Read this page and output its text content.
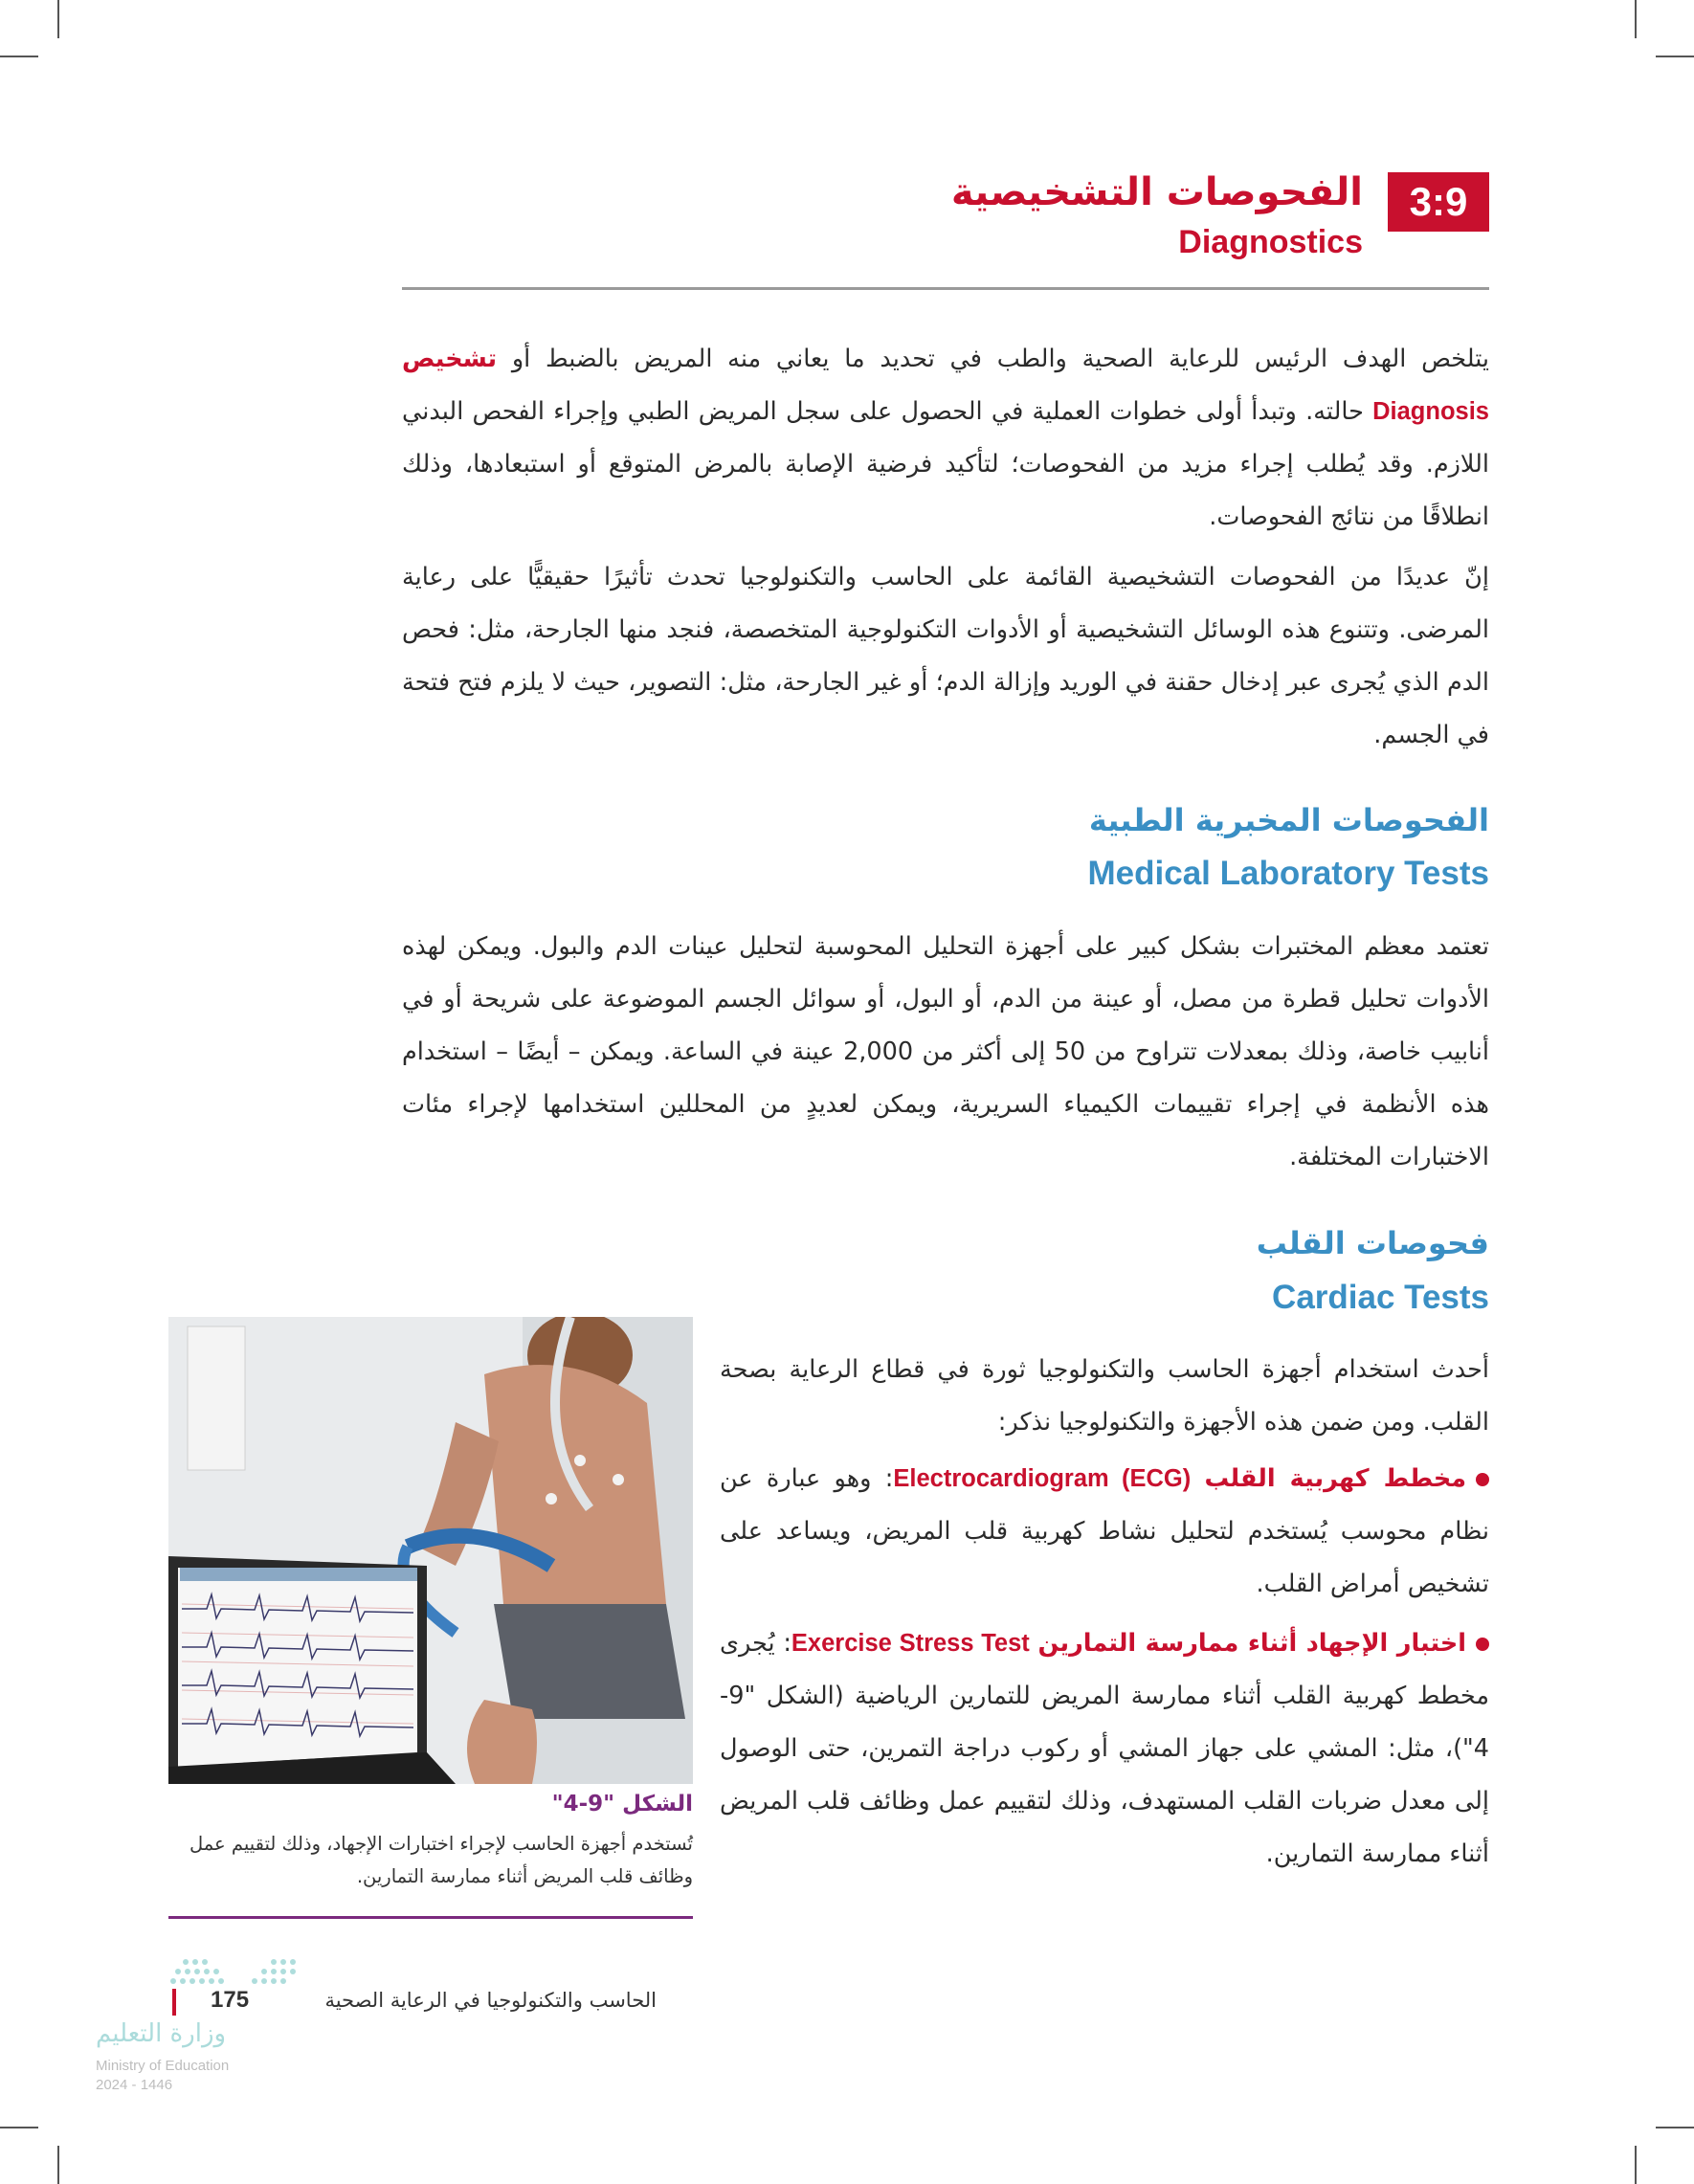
3:9
الفحوصات التشخيصية
Diagnostics
يتلخص الهدف الرئيس للرعاية الصحية والطب في تحديد ما يعاني منه المريض بالضبط أو تشخيص Diagnosis حالته. وتبدأ أولى خطوات العملية في الحصول على سجل المريض الطبي وإجراء الفحص البدني اللازم. وقد يُطلب إجراء مزيد من الفحوصات؛ لتأكيد فرضية الإصابة بالمرض المتوقع أو استبعادها، وذلك انطلاقًا من نتائج الفحوصات.
إنّ عديدًا من الفحوصات التشخيصية القائمة على الحاسب والتكنولوجيا تحدث تأثيرًا حقيقيًّا على رعاية المرضى. وتتنوع هذه الوسائل التشخيصية أو الأدوات التكنولوجية المتخصصة، فنجد منها الجارحة، مثل: فحص الدم الذي يُجرى عبر إدخال حقنة في الوريد وإزالة الدم؛ أو غير الجارحة، مثل: التصوير، حيث لا يلزم فتح فتحة في الجسم.
الفحوصات المخبرية الطبية
Medical Laboratory Tests
تعتمد معظم المختبرات بشكل كبير على أجهزة التحليل المحوسبة لتحليل عينات الدم والبول. ويمكن لهذه الأدوات تحليل قطرة من مصل، أو عينة من الدم، أو البول، أو سوائل الجسم الموضوعة على شريحة أو في أنابيب خاصة، وذلك بمعدلات تتراوح من 50 إلى أكثر من 2,000 عينة في الساعة. ويمكن – أيضًا – استخدام هذه الأنظمة في إجراء تقييمات الكيمياء السريرية، ويمكن لعديدٍ من المحللين استخدامها لإجراء مئات الاختبارات المختلفة.
فحوصات القلب
Cardiac Tests
أحدث استخدام أجهزة الحاسب والتكنولوجيا ثورة في قطاع الرعاية بصحة القلب. ومن ضمن هذه الأجهزة والتكنولوجيا نذكر:
مخطط كهربية القلب Electrocardiogram (ECG): وهو عبارة عن نظام محوسب يُستخدم لتحليل نشاط كهربية قلب المريض، ويساعد على تشخيص أمراض القلب.
اختبار الإجهاد أثناء ممارسة التمارين Exercise Stress Test: يُجرى مخطط كهربية القلب أثناء ممارسة المريض للتمارين الرياضية (الشكل "9-4")، مثل: المشي على جهاز المشي أو ركوب دراجة التمرين، حتى الوصول إلى معدل ضربات القلب المستهدف، وذلك لتقييم عمل وظائف قلب المريض أثناء ممارسة التمارين.
الشكل "9-4"
تُستخدم أجهزة الحاسب لإجراء اختبارات الإجهاد، وذلك لتقييم عمل وظائف قلب المريض أثناء ممارسة التمارين.
وزارة التعليم
Ministry of Education
2024 - 1446
175	الحاسب والتكنولوجيا في الرعاية الصحية
